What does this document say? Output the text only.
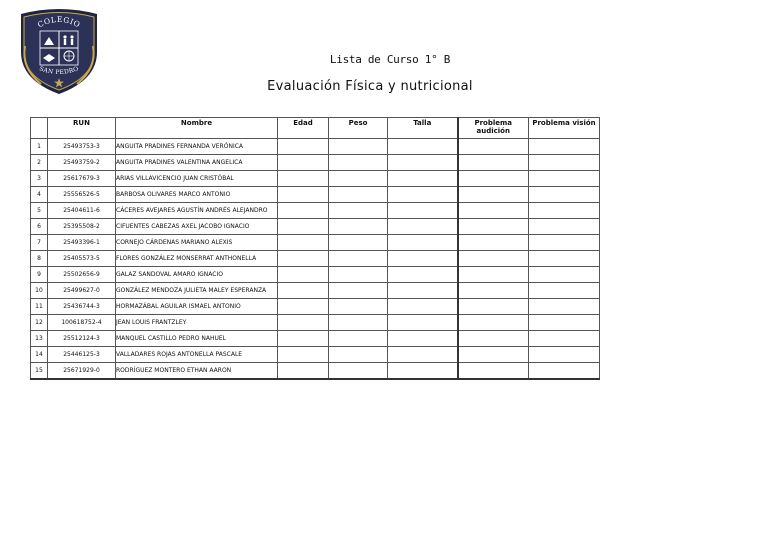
COLEGIO
SAN PEDRO
Lista de Curso 1° B
Evaluación Física y nutricional
	RUN	Nombre	Edad	Peso	Talla	Problema audición	Problema visión
1	25493753-3	ANGUITA PRADINES FERNANDA VERÓNICA					
2	25493759-2	ANGUITA PRADINES VALENTINA ANGELICA					
3	25617679-3	ARIAS VILLAVICENCIO JUAN CRISTÓBAL					
4	25556526-5	BARBOSA OLIVARES MARCO ANTONIO					
5	25404611-6	CÁCERES AVEJARES AGUSTÍN ANDRÉS ALEJANDRO					
6	25395508-2	CIFUENTES CABEZAS AXEL JACOBO IGNACIO					
7	25493396-1	CORNEJO CÁRDENAS MARIANO ALEXIS					
8	25405573-5	FLORES GONZÁLEZ MONSERRAT ANTHONELLA					
9	25502656-9	GALAZ SANDOVAL AMARO IGNACIO					
10	25499627-0	GONZÁLEZ MENDOZA JULIETA MALEY ESPERANZA					
11	25436744-3	HORMAZÁBAL AGUILAR ISMAEL ANTONIO					
12	100618752-4	JEAN LOUIS FRANTZLEY					
13	25512124-3	MANQUEL CASTILLO PEDRO NAHUEL					
14	25446125-3	VALLADARES ROJAS ANTONELLA PASCALE					
15	25671929-0	RODRÍGUEZ MONTERO ETHAN AARON					
